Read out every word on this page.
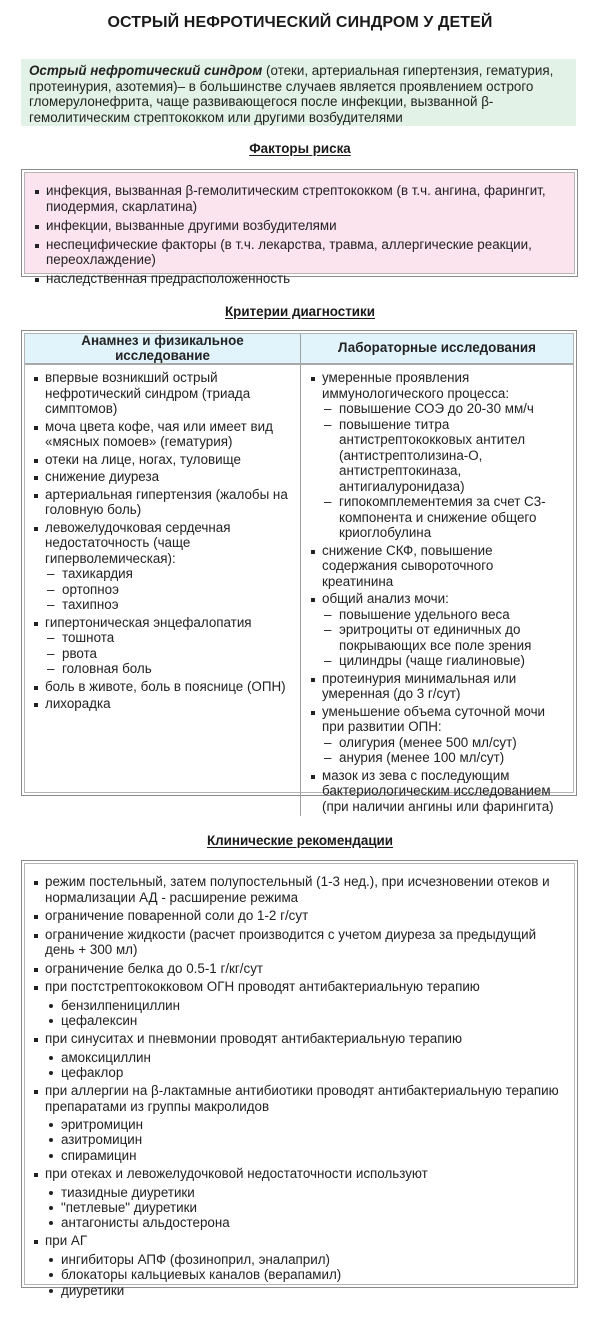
ОСТРЫЙ НЕФРОТИЧЕСКИЙ СИНДРОМ У ДЕТЕЙ
Острый нефротический синдром (отеки, артериальная гипертензия, гематурия, протеинурия, азотемия)– в большинстве случаев является проявлением острого гломерулонефрита, чаще развивающегося после инфекции, вызванной β-гемолитическим стрептококком или другими возбудителями
Факторы риска
инфекция, вызванная β-гемолитическим стрептококком (в т.ч. ангина, фарингит, пиодермия, скарлатина)
инфекции, вызванные другими возбудителями
неспецифические факторы (в т.ч. лекарства, травма, аллергические реакции, переохлаждение)
наследственная предрасположенность
Критерии диагностики
Анамнез и физикальное исследование	Лабораторные исследования
впервые возникший острый нефротический синдром (триада симптомов)
моча цвета кофе, чая или имеет вид «мясных помоев» (гематурия)
отеки на лице, ногах, туловище
снижение диуреза
артериальная гипертензия (жалобы на головную боль)
левожелудочковая сердечная недостаточность (чаще гиперволемическая):
– тахикардия
– ортопноэ
– тахипноэ
гипертоническая энцефалопатия
– тошнота
– рвота
– головная боль
боль в животе, боль в пояснице (ОПН)
лихорадка
умеренные проявления иммунологического процесса:
– повышение СОЭ до 20-30 мм/ч
– повышение титра антистрептококковых антител (антистрептолизина-О, антистрептокиназа, антигиалуронидаза)
– гипокомплементемия за счет С3-компонента и снижение общего криоглобулина
снижение СКФ, повышение содержания сывороточного креатинина
общий анализ мочи:
– повышение удельного веса
– эритроциты от единичных до покрывающих все поле зрения
– цилиндры (чаще гиалиновые)
протеинурия минимальная или умеренная (до 3 г/сут)
уменьшение объема суточной мочи при развитии ОПН:
– олигурия (менее 500 мл/сут)
– анурия (менее 100 мл/сут)
мазок из зева с последующим бактериологическим исследованием (при наличии ангины или фарингита)
Клинические рекомендации
режим постельный, затем полупостельный (1-3 нед.), при исчезновении отеков и нормализации АД - расширение режима
ограничение поваренной соли до 1-2 г/сут
ограничение жидкости (расчет производится с учетом диуреза за предыдущий день + 300 мл)
ограничение белка до 0.5-1 г/кг/сут
при постстрептококковом ОГН проводят антибактериальную терапию
бензилпенициллин
цефалексин
при синуситах и пневмонии проводят антибактериальную терапию
амоксициллин
цефаклор
при аллергии на β-лактамные антибиотики проводят антибактериальную терапию препаратами из группы макролидов
эритромицин
азитромицин
спирамицин
при отеках и левожелудочковой недостаточности используют
тиазидные диуретики
"петлевые" диуретики
антагонисты альдостерона
при АГ
ингибиторы АПФ (фозиноприл, эналаприл)
блокаторы кальциевых каналов (верапамил)
диуретики
